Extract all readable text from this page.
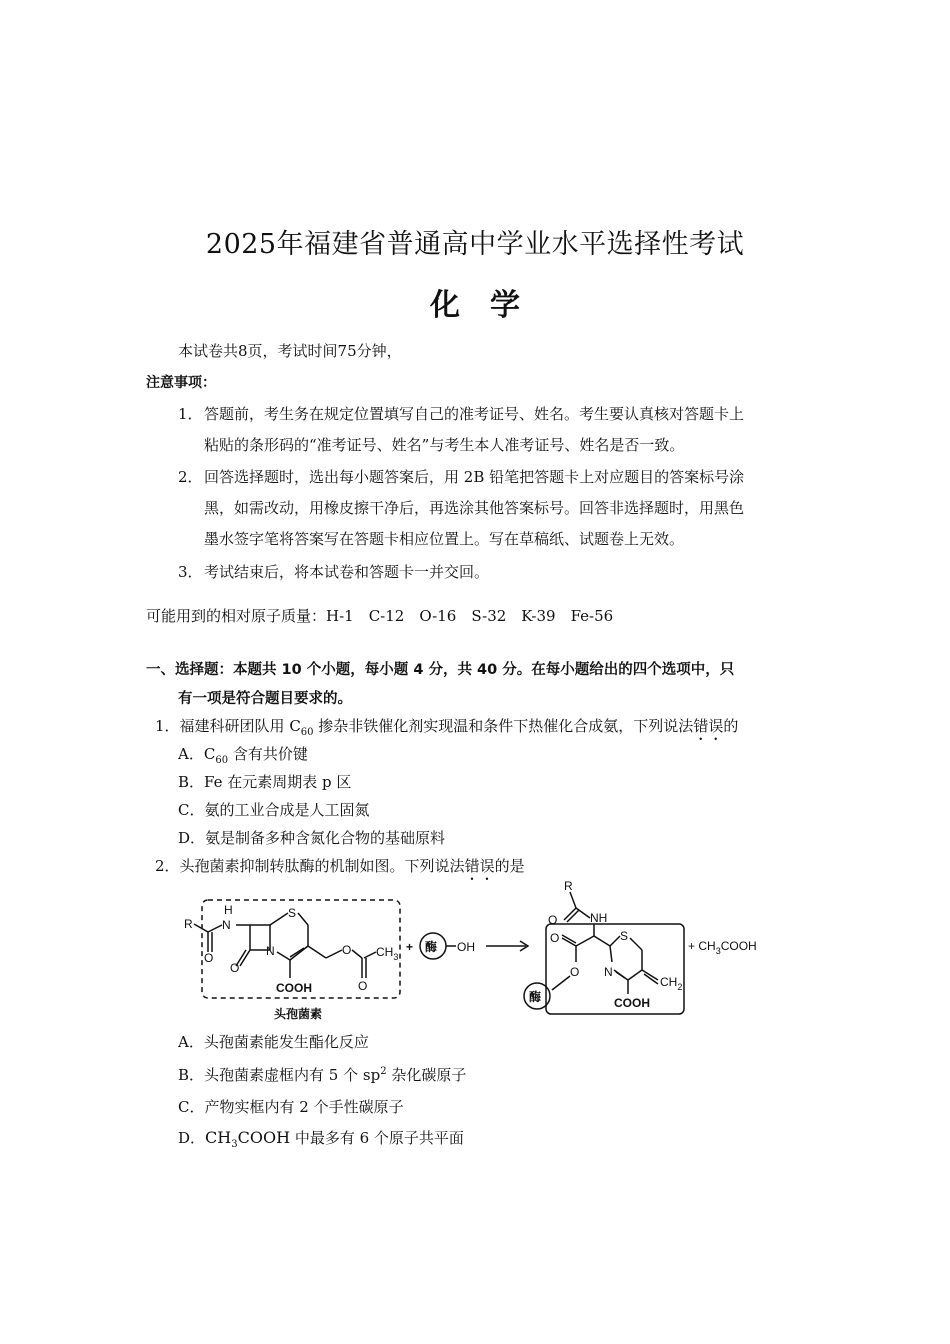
2025年福建省普通高中学业水平选择性考试
化学
本试卷共8页，考试时间75分钟，
注意事项：
1． 答题前，考生务在规定位置填写自己的准考证号、姓名。考生要认真核对答题卡上
粘贴的条形码的“准考证号、姓名”与考生本人准考证号、姓名是否一致。
2． 回答选择题时，选出每小题答案后，用 2B 铅笔把答题卡上对应题目的答案标号涂
黑，如需改动，用橡皮擦干净后，再选涂其他答案标号。回答非选择题时，用黑色
墨水签字笔将答案写在答题卡相应位置上。写在草稿纸、试题卷上无效。
3． 考试结束后，将本试卷和答题卡一并交回。
可能用到的相对原子质量：H-1　C-12　O-16　S-32　K-39　Fe-56
一、选择题：本题共 10 个小题，每小题 4 分，共 40 分。在每小题给出的四个选项中，只
有一项是符合题目要求的。
1．福建科研团队用 $C_{60}$ 掺杂非铁催化剂实现温和条件下热催化合成氨，下列说法错误的
A．$C_{60}$ 含有共价键
B．Fe 在元素周期表 p 区
C．氨的工业合成是人工固氮
D．氨是制备多种含氮化合物的基础原料
2．头孢菌素抑制转肽酶的机制如图。下列说法错误的是
R
O
N
H
O
N
S
COOH
O
O
$CH_3$
头孢菌素
+ 酶 OH
R
O	NH
O
O
酶
S
N
$CH_2$
COOH
+ $CH_3COOH$
A．头孢菌素能发生酯化反应
B．头孢菌素虚框内有 5 个 $sp^2$ 杂化碳原子
C．产物实框内有 2 个手性碳原子
D．$CH_3COOH$ 中最多有 6 个原子共平面
